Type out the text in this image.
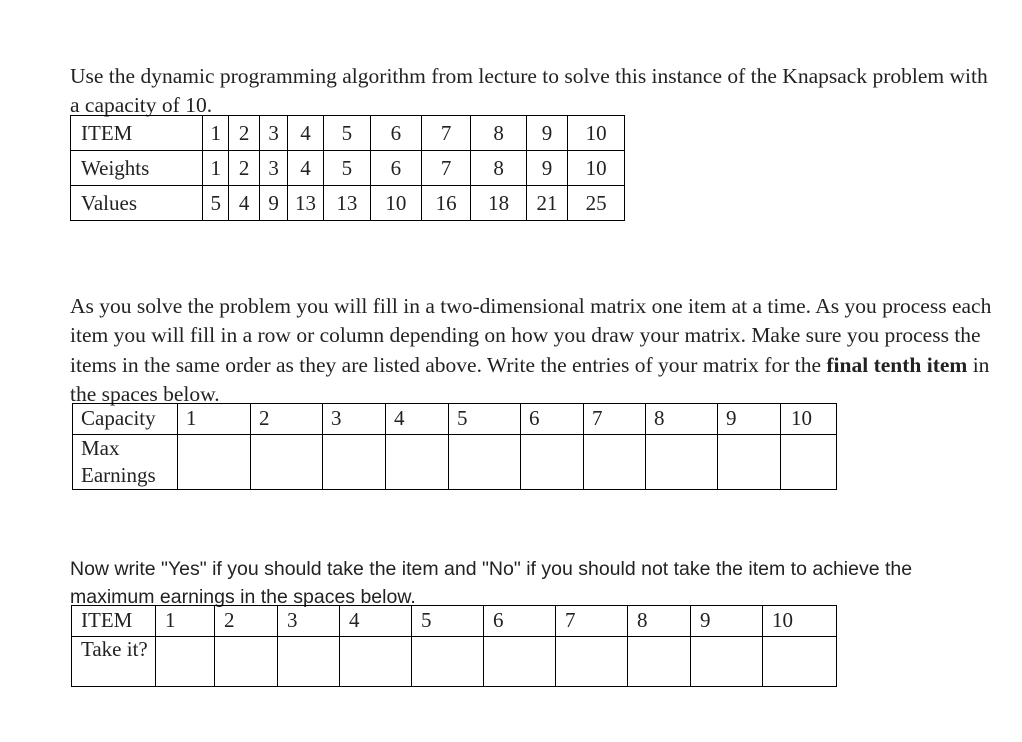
Use the dynamic programming algorithm from lecture to solve this instance of the Knapsack problem with a capacity of 10.

ITEM	1	2	3	4	5	6	7	8	9	10
Weights	1	2	3	4	5	6	7	8	9	10
Values	5	4	9	13	13	10	16	18	21	25

As you solve the problem you will fill in a two-dimensional matrix one item at a time. As you process each item you will fill in a row or column depending on how you draw your matrix. Make sure you process the items in the same order as they are listed above. Write the entries of your matrix for the final tenth item in the spaces below.

Capacity	1	2	3	4	5	6	7	8	9	10
Max Earnings										

Now write "Yes" if you should take the item and "No" if you should not take the item to achieve the maximum earnings in the spaces below.

ITEM	1	2	3	4	5	6	7	8	9	10
Take it?										
